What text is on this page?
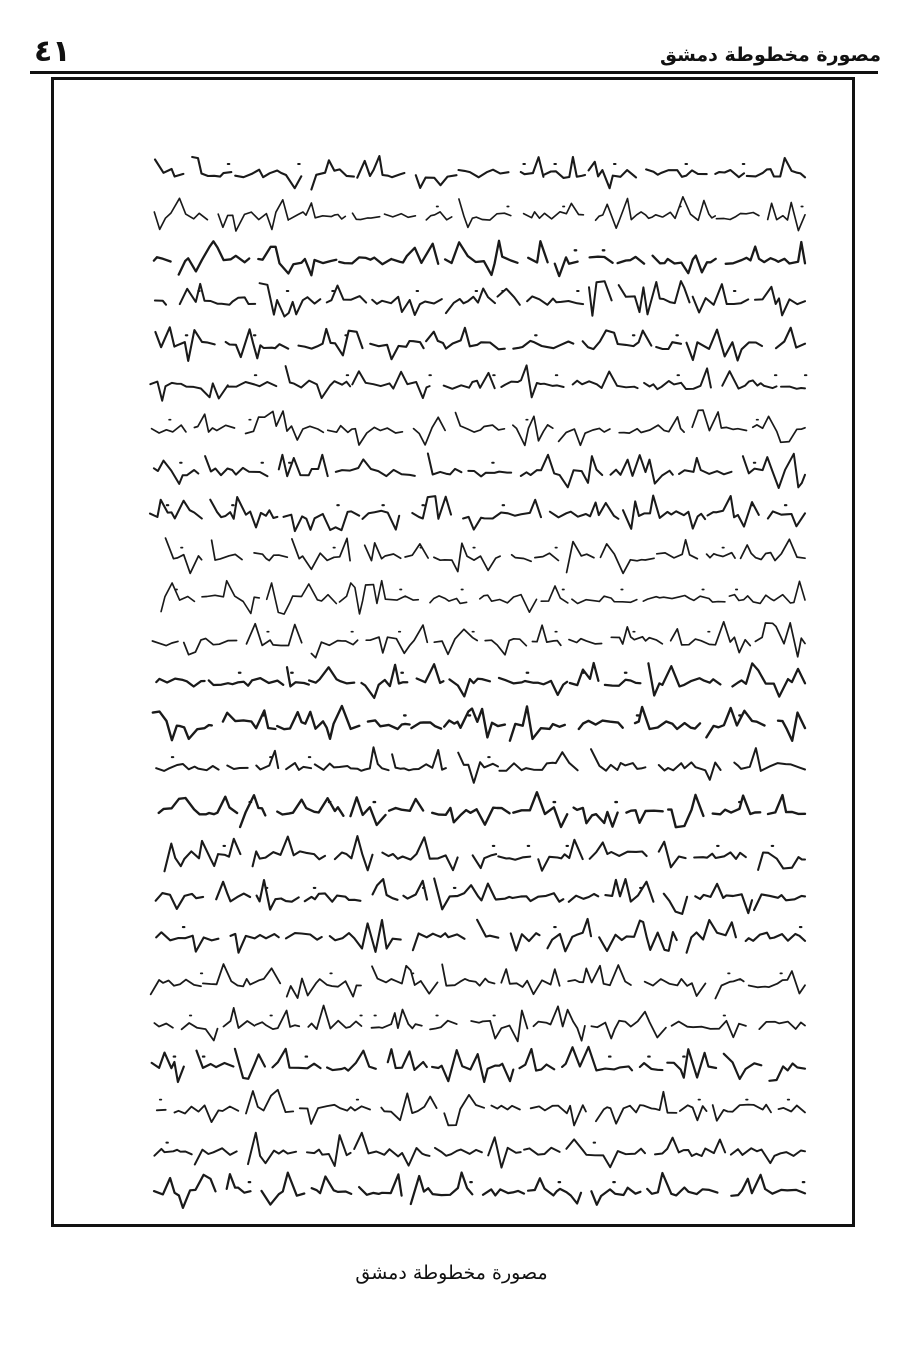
مصورة مخطوطة دمشق
٤١
مصورة مخطوطة دمشق
